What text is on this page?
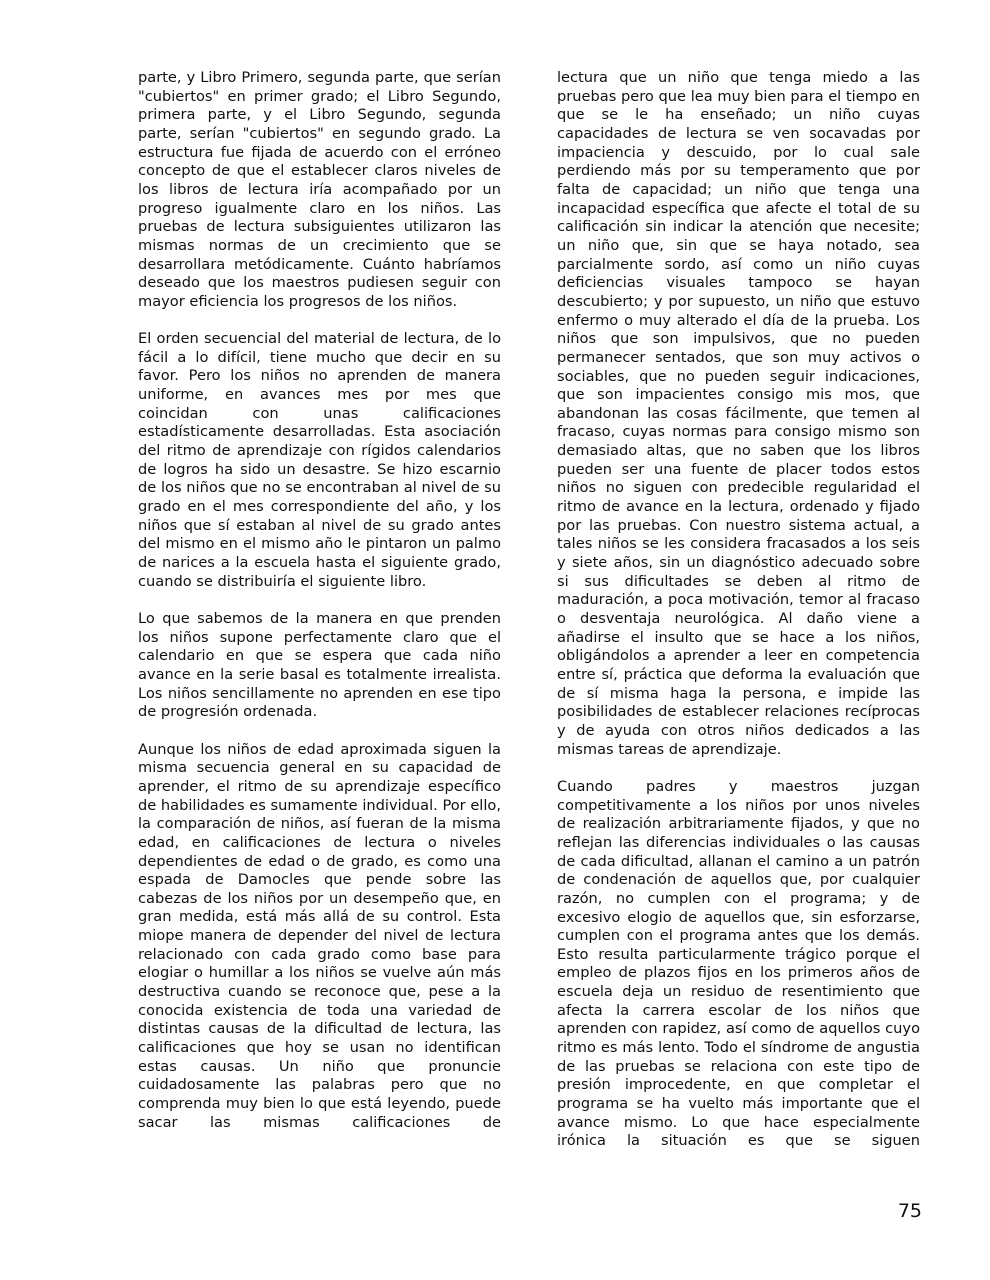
parte, y Libro Primero, segunda parte, que serían "cubiertos" en primer grado; el Libro Segundo, primera parte, y el Libro Segundo, segunda parte, serían "cubiertos" en segundo grado. La estructura fue fijada de acuerdo con el erróneo concepto de que el establecer claros niveles de los libros de lectura iría acompañado por un progreso igualmente claro en los niños. Las pruebas de lectura subsiguientes utilizaron las mismas normas de un crecimiento que se desarrollara metódicamente. Cuánto habríamos deseado que los maestros pudiesen seguir con mayor eficiencia los progresos de los niños.

El orden secuencial del material de lectura, de lo fácil a lo difícil, tiene mucho que decir en su favor. Pero los niños no aprenden de manera uniforme, en avances mes por mes que coincidan con unas calificaciones estadísticamente desarrolladas. Esta asociación del ritmo de aprendizaje con rígidos calendarios de logros ha sido un desastre. Se hizo escarnio de los niños que no se encontraban al nivel de su grado en el mes correspondiente del año, y los niños que sí estaban al nivel de su grado antes del mismo en el mismo año le pintaron un palmo de narices a la escuela hasta el siguiente grado, cuando se distribuiría el siguiente libro.

Lo que sabemos de la manera en que prenden los niños supone perfectamente claro que el calendario en que se espera que cada niño avance en la serie basal es totalmente irrealista. Los niños sencillamente no aprenden en ese tipo de progresión ordenada.

Aunque los niños de edad aproximada siguen la misma secuencia general en su capacidad de aprender, el ritmo de su aprendizaje específico de habilidades es sumamente individual. Por ello, la comparación de niños, así fueran de la misma edad, en calificaciones de lectura o niveles dependientes de edad o de grado, es como una espada de Damocles que pende sobre las cabezas de los niños por un desempeño que, en gran medida, está más allá de su control. Esta miope manera de depender del nivel de lectura relacionado con cada grado como base para elogiar o humillar a los niños se vuelve aún más destructiva cuando se reconoce que, pese a la conocida existencia de toda una variedad de distintas causas de la dificultad de lectura, las calificaciones que hoy se usan no identifican estas causas. Un niño que pronuncie cuidadosamente las palabras pero que no comprenda muy bien lo que está leyendo, puede sacar las mismas calificaciones de

lectura que un niño que tenga miedo a las pruebas pero que lea muy bien para el tiempo en que se le ha enseñado; un niño cuyas capacidades de lectura se ven socavadas por impaciencia y descuido, por lo cual sale perdiendo más por su temperamento que por falta de capacidad; un niño que tenga una incapacidad específica que afecte el total de su calificación sin indicar la atención que necesite; un niño que, sin que se haya notado, sea parcialmente sordo, así como un niño cuyas deficiencias visuales tampoco se hayan descubierto; y por supuesto, un niño que estuvo enfermo o muy alterado el día de la prueba. Los niños que son impulsivos, que no pueden permanecer sentados, que son muy activos o sociables, que no pueden seguir indicaciones, que son impacientes consigo mis mos, que abandonan las cosas fácilmente, que temen al fracaso, cuyas normas para consigo mismo son demasiado altas, que no saben que los libros pueden ser una fuente de placer todos estos niños no siguen con predecible regularidad el ritmo de avance en la lectura, ordenado y fijado por las pruebas. Con nuestro sistema actual, a tales niños se les considera fracasados a los seis y siete años, sin un diagnóstico adecuado sobre si sus dificultades se deben al ritmo de maduración, a poca motivación, temor al fracaso o desventaja neurológica. Al daño viene a añadirse el insulto que se hace a los niños, obligándolos a aprender a leer en competencia entre sí, práctica que deforma la evaluación que de sí misma haga la persona, e impide las posibilidades de establecer relaciones recíprocas y de ayuda con otros niños dedicados a las mismas tareas de aprendizaje.

Cuando padres y maestros juzgan competitivamente a los niños por unos niveles de realización arbitrariamente fijados, y que no reflejan las diferencias individuales o las causas de cada dificultad, allanan el camino a un patrón de condenación de aquellos que, por cualquier razón, no cumplen con el programa; y de excesivo elogio de aquellos que, sin esforzarse, cumplen con el programa antes que los demás. Esto resulta particularmente trágico porque el empleo de plazos fijos en los primeros años de escuela deja un residuo de resentimiento que afecta la carrera escolar de los niños que aprenden con rapidez, así como de aquellos cuyo ritmo es más lento. Todo el síndrome de angustia de las pruebas se relaciona con este tipo de presión improcedente, en que completar el programa se ha vuelto más importante que el avance mismo. Lo que hace especialmente irónica la situación es que se siguen

75
